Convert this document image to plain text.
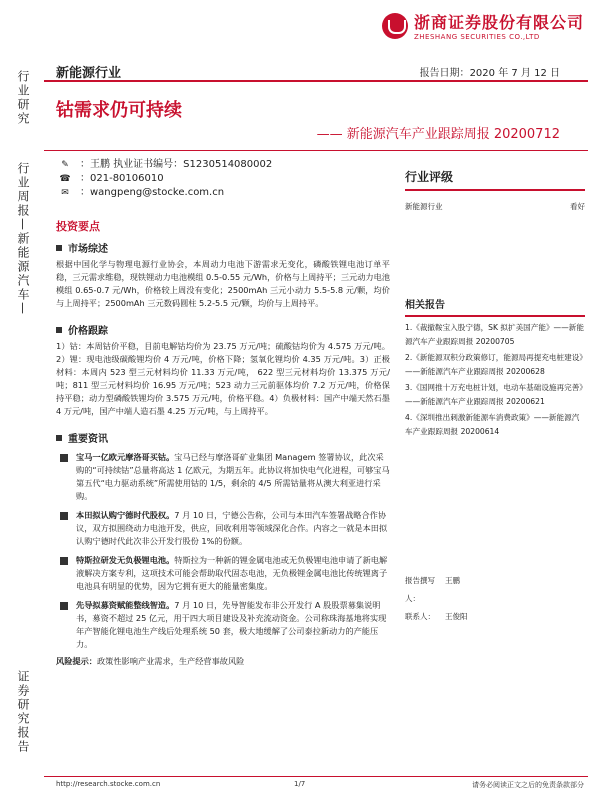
行业研究
行业周报—新能源汽车—
证券研究报告
浙商证券股份有限公司
ZHESHANG SECURITIES CO.,LTD
新能源行业	报告日期：2020 年 7 月 12 日
钴需求仍可持续
—— 新能源汽车产业跟踪周报 20200712
✎	：王鹏 执业证书编号：S1230514080002
☎ ：021-80106010
✉	：wangpeng@stocke.com.cn
投资要点
市场综述
根据中国化学与物理电源行业协会，本周动力电池下游需求无变化，磷酸铁锂电池订单平稳，三元需求维稳，现铁锂动力电池模组 0.5-0.55 元/Wh，价格与上周持平；三元动力电池模组 0.65-0.7 元/Wh，价格较上周没有变化；2500mAh 三元小动力 5.5-5.8 元/颗，均价与上周持平；2500mAh 三元数码圆柱 5.2-5.5 元/颗，均价与上周持平。
价格跟踪
1）钴：本周钴价平稳，目前电解钴均价为 23.75 万元/吨；硫酸钴均价为 4.575 万元/吨。2）锂：现电池级碳酸锂均价 4 万元/吨，价格下降；氢氧化锂均价 4.35 万元/吨。3）正极材料：本周内 523 型三元材料均价 11.33 万元/吨， 622 型三元材料均价 13.375 万元/吨；811 型三元材料均价 16.95 万元/吨；523 动力三元前驱体均价 7.2 万元/吨，价格保持平稳；动力型磷酸铁锂均价 3.575 万元/吨，价格平稳。4）负极材料：国产中端天然石墨 4 万元/吨，国产中端人造石墨 4.25 万元/吨，与上周持平。
重要资讯
宝马一亿欧元摩洛哥买钴。宝马已经与摩洛哥矿业集团 Managem 签署协议，此次采购的“可持续钴”总量将高达 1 亿欧元，为期五年。此协议将加快电气化进程，可够宝马第五代“电力驱动系统”所需使用钴的 1/5，剩余的 4/5 所需钴量将从澳大利亚进行采购。
本田拟认购宁德时代股权。7 月 10 日，宁德公告称，公司与本田汽车签署战略合作协议，双方拟围绕动力电池开发，供应，回收利用等领域深化合作。内容之一就是本田拟认购宁德时代此次非公开发行股份 1%的份额。
特斯拉研发无负极锂电池。特斯拉为一种新的锂金属电池或无负极锂电池申请了新电解液解决方案专利，这项技术可能会帮助取代固态电池，无负极锂金属电池比传统锂离子电池具有明显的优势，因为它拥有更大的能量密集度。
先导拟募资赋能整线智造。7 月 10 日，先导智能发布非公开发行 A 股股票募集说明书，募资不超过 25 亿元，用于四大项目建设及补充流动资金。公司称珠海基地将实现年产智能化锂电池生产线后处理系统 50 套，极大地缓解了公司泰拉新动力的产能压力。
风险提示：政策性影响产业需求，生产经营事故风险
行业评级
新能源行业	看好
相关报告
1.《裁撤鞍宝入股宁德，SK 拟扩美国产能》——新能源汽车产业跟踪周报 20200705
2.《新能源双积分政策修订，能源局再提充电桩建设》——新能源汽车产业跟踪周报 20200628
3.《国网推十万充电桩计划，电动车基础设施再完善》——新能源汽车产业跟踪周报 20200621
4.《深圳推出刺激新能源车消费政策》——新能源汽车产业跟踪周报 20200614
报告撰写人：
王鹏
联系人：	王俊阳
http://research.stocke.com.cn	1/7	请务必阅读正文之后的免责条款部分
